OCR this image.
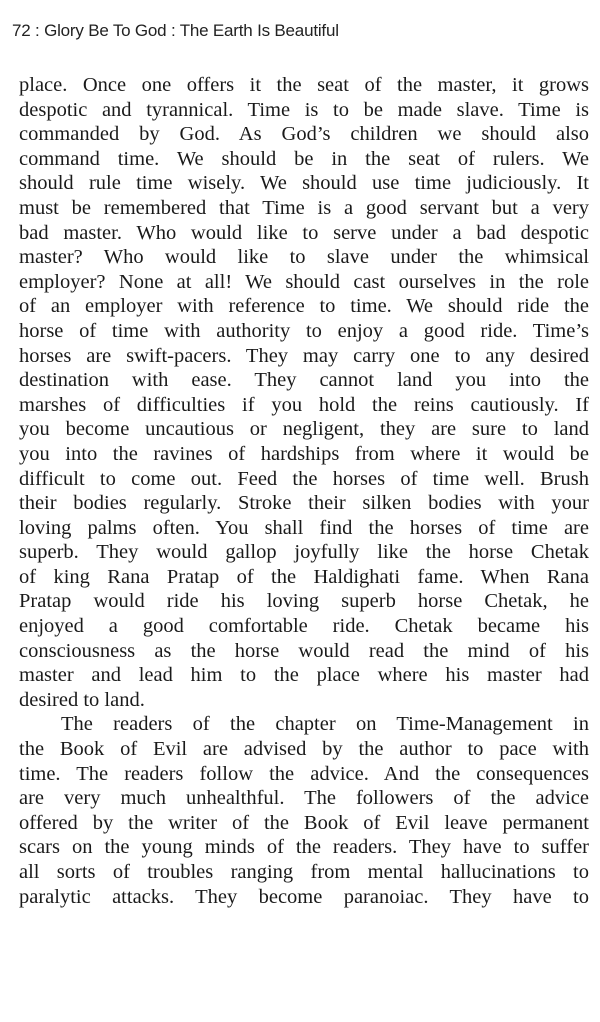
72 : Glory Be To God : The Earth Is Beautiful
place. Once one offers it the seat of the master, it grows
despotic and tyrannical. Time is to be made slave. Time is
commanded by God. As God’s children we should also
command time. We should be in the seat of rulers. We
should rule time wisely. We should use time judiciously. It
must be remembered that Time is a good servant but a very
bad master. Who would like to serve under a bad despotic
master? Who would like to slave under the whimsical
employer? None at all! We should cast ourselves in the role
of an employer with reference to time. We should ride the
horse of time with authority to enjoy a good ride. Time’s
horses are swift-pacers. They may carry one to any desired
destination with ease. They cannot land you into the
marshes of difficulties if you hold the reins cautiously. If
you become uncautious or negligent, they are sure to land
you into the ravines of hardships from where it would be
difficult to come out. Feed the horses of time well. Brush
their bodies regularly. Stroke their silken bodies with your
loving palms often. You shall find the horses of time are
superb. They would gallop joyfully like the horse Chetak
of king Rana Pratap of the Haldighati fame. When Rana
Pratap would ride his loving superb horse Chetak, he
enjoyed a good comfortable ride. Chetak became his
consciousness as the horse would read the mind of his
master and lead him to the place where his master had
desired to land.
The readers of the chapter on Time-Management in
the Book of Evil are advised by the author to pace with
time. The readers follow the advice. And the consequences
are very much unhealthful. The followers of the advice
offered by the writer of the Book of Evil leave permanent
scars on the young minds of the readers. They have to suffer
all sorts of troubles ranging from mental hallucinations to
paralytic attacks. They become paranoiac. They have to
